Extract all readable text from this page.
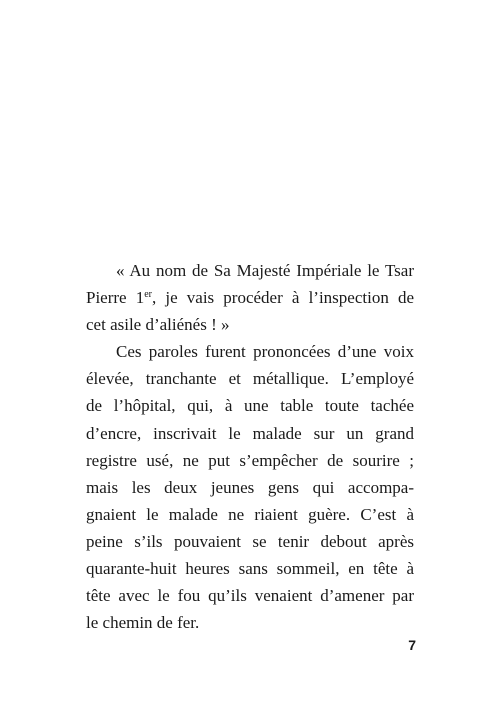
« Au nom de Sa Majesté Impériale le Tsar
Pierre 1er, je vais procéder à l’inspection de
cet asile d’aliénés ! »
Ces paroles furent prononcées d’une voix
élevée, tranchante et métallique. L’employé
de l’hôpital, qui, à une table toute tachée
d’encre, inscrivait le malade sur un grand
registre usé, ne put s’empêcher de sourire ;
mais les deux jeunes gens qui accompa-
gnaient le malade ne riaient guère. C’est à
peine s’ils pouvaient se tenir debout après
quarante-huit heures sans sommeil, en tête à
tête avec le fou qu’ils venaient d’amener par
le chemin de fer.
7
